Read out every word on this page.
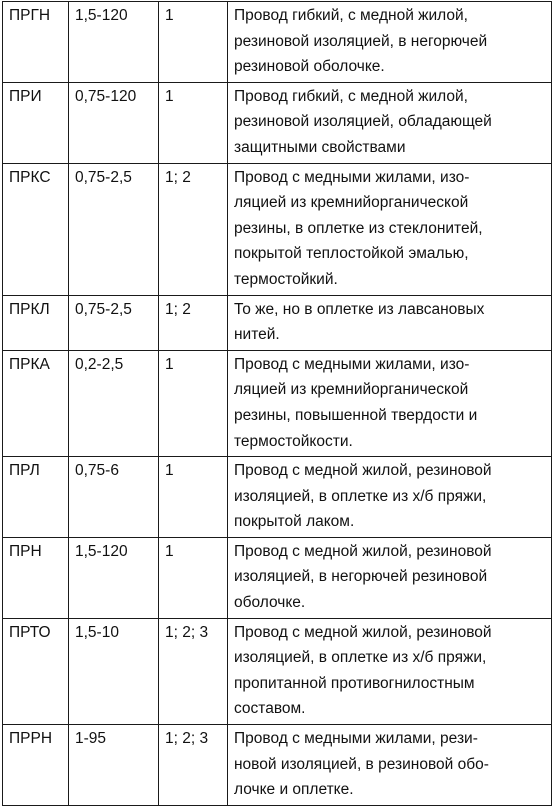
ПРГН	1,5-120	1	Провод гибкий, с медной жилой,
резиновой изоляцией, в негорючей
резиновой оболочке.

ПРИ	0,75-120	1	Провод гибкий, с медной жилой,
резиновой изоляцией, обладающей
защитными свойствами

ПРКС	0,75-2,5	1; 2	Провод с медными жилами, изо-
ляцией из кремнийорганической
резины, в оплетке из стеклонитей,
покрытой теплостойкой эмалью,
термостойкий.

ПРКЛ	0,75-2,5	1; 2	То же, но в оплетке из лавсановых
нитей.

ПРКА	0,2-2,5	1	Провод с медными жилами, изо-
ляцией из кремнийорганической
резины, повышенной твердости и
термостойкости.

ПРЛ	0,75-6	1	Провод с медной жилой, резиновой
изоляцией, в оплетке из х/б пряжи,
покрытой лаком.

ПРН	1,5-120	1	Провод с медной жилой, резиновой
изоляцией, в негорючей резиновой
оболочке.

ПРТО	1,5-10	1; 2; 3	Провод с медной жилой, резиновой
изоляцией, в оплетке из х/б пряжи,
пропитанной противогнилостным
составом.

ПРРН	1-95	1; 2; 3	Провод с медными жилами, рези-
новой изоляцией, в резиновой обо-
лочке и оплетке.
